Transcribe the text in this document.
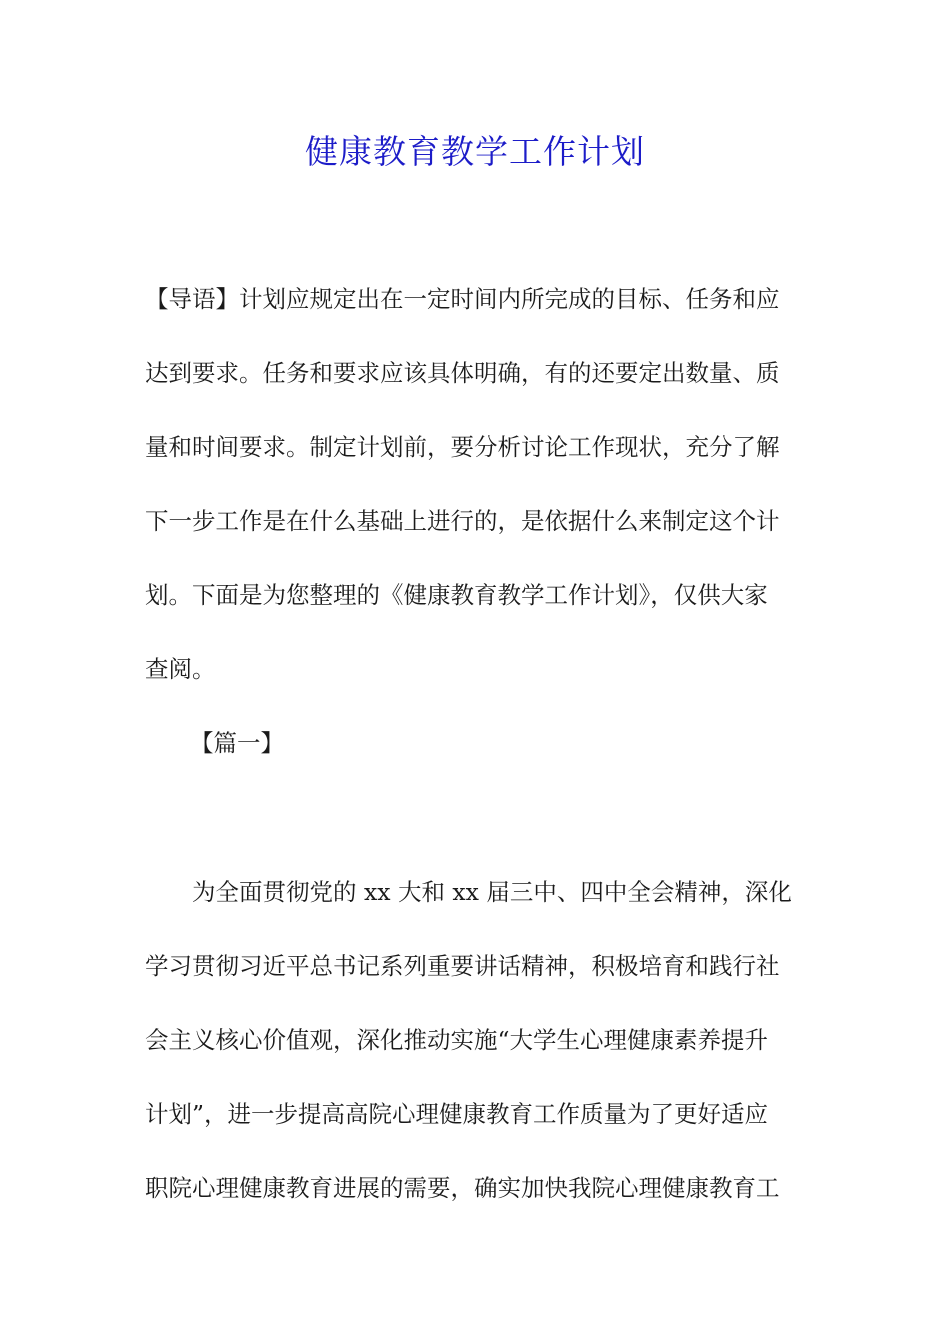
健康教育教学工作计划
【导语】计划应规定出在一定时间内所完成的目标、任务和应
达到要求。任务和要求应该具体明确，有的还要定出数量、质
量和时间要求。制定计划前，要分析讨论工作现状，充分了解
下一步工作是在什么基础上进行的，是依据什么来制定这个计
划。下面是为您整理的《健康教育教学工作计划》，仅供大家
查阅。
【篇一】
为全面贯彻党的 xx 大和 xx 届三中、四中全会精神，深化
学习贯彻习近平总书记系列重要讲话精神，积极培育和践行社
会主义核心价值观，深化推动实施“大学生心理健康素养提升
计划”，进一步提高高院心理健康教育工作质量为了更好适应
职院心理健康教育进展的需要，确实加快我院心理健康教育工
